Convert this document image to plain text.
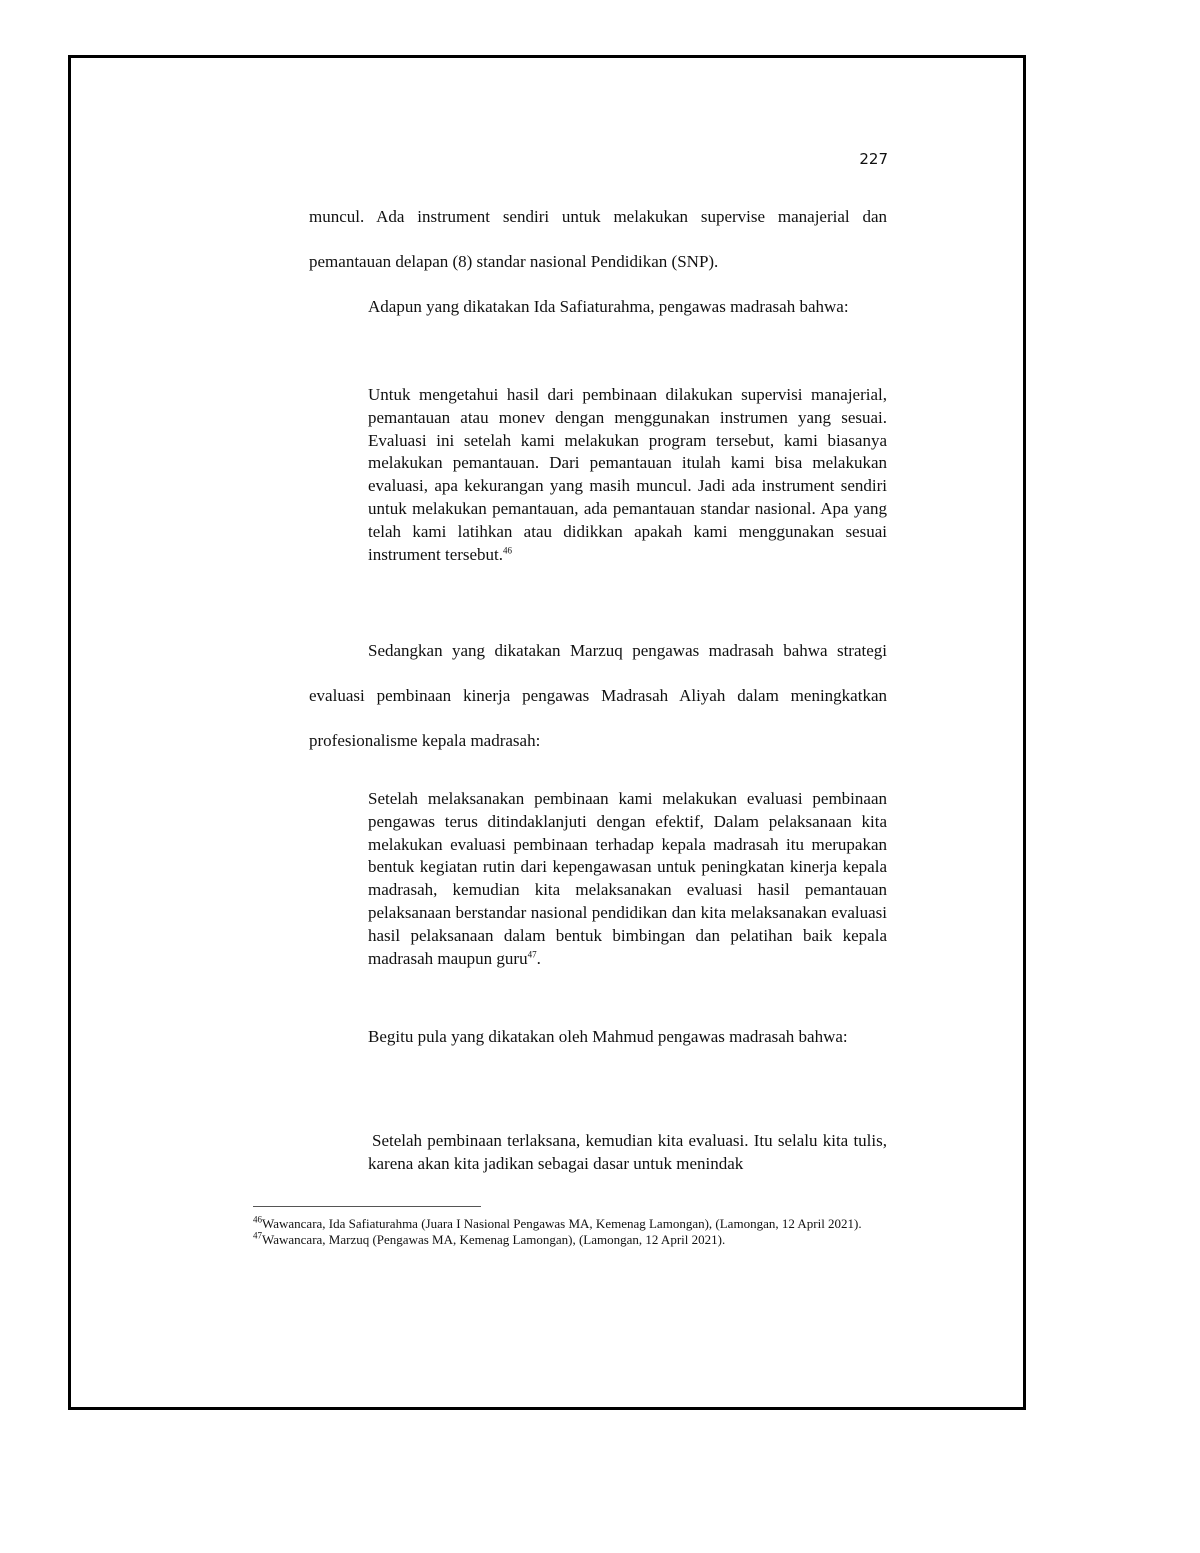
227

muncul. Ada instrument sendiri untuk melakukan supervise manajerial dan pemantauan delapan (8) standar nasional Pendidikan (SNP).

Adapun yang dikatakan Ida Safiaturahma, pengawas madrasah bahwa:

Untuk mengetahui hasil dari pembinaan dilakukan supervisi manajerial, pemantauan atau monev dengan menggunakan instrumen yang sesuai. Evaluasi ini setelah kami melakukan program tersebut, kami biasanya melakukan pemantauan. Dari pemantauan itulah kami bisa melakukan evaluasi, apa kekurangan yang masih muncul. Jadi ada instrument sendiri untuk melakukan pemantauan, ada pemantauan standar nasional. Apa yang telah kami latihkan atau didikkan apakah kami menggunakan sesuai instrument tersebut.$^{46}$

Sedangkan yang dikatakan Marzuq pengawas madrasah bahwa strategi evaluasi pembinaan kinerja pengawas Madrasah Aliyah dalam meningkatkan profesionalisme kepala madrasah:

Setelah melaksanakan pembinaan kami melakukan evaluasi pembinaan pengawas terus ditindaklanjuti dengan efektif, Dalam pelaksanaan kita melakukan evaluasi pembinaan terhadap kepala madrasah itu merupakan bentuk kegiatan rutin dari kepengawasan untuk peningkatan kinerja kepala madrasah, kemudian kita melaksanakan evaluasi hasil pemantauan pelaksanaan berstandar nasional pendidikan dan kita melaksanakan evaluasi hasil pelaksanaan dalam bentuk bimbingan dan pelatihan baik kepala madrasah maupun guru$^{47}$.

Begitu pula yang dikatakan oleh Mahmud pengawas madrasah bahwa:

Setelah pembinaan terlaksana, kemudian kita evaluasi. Itu selalu kita tulis, karena akan kita jadikan sebagai dasar untuk menindak

$^{46}$Wawancara, Ida Safiaturahma (Juara I Nasional Pengawas MA, Kemenag Lamongan), (Lamongan, 12 April 2021).

$^{47}$Wawancara, Marzuq (Pengawas MA, Kemenag Lamongan), (Lamongan, 12 April 2021).
